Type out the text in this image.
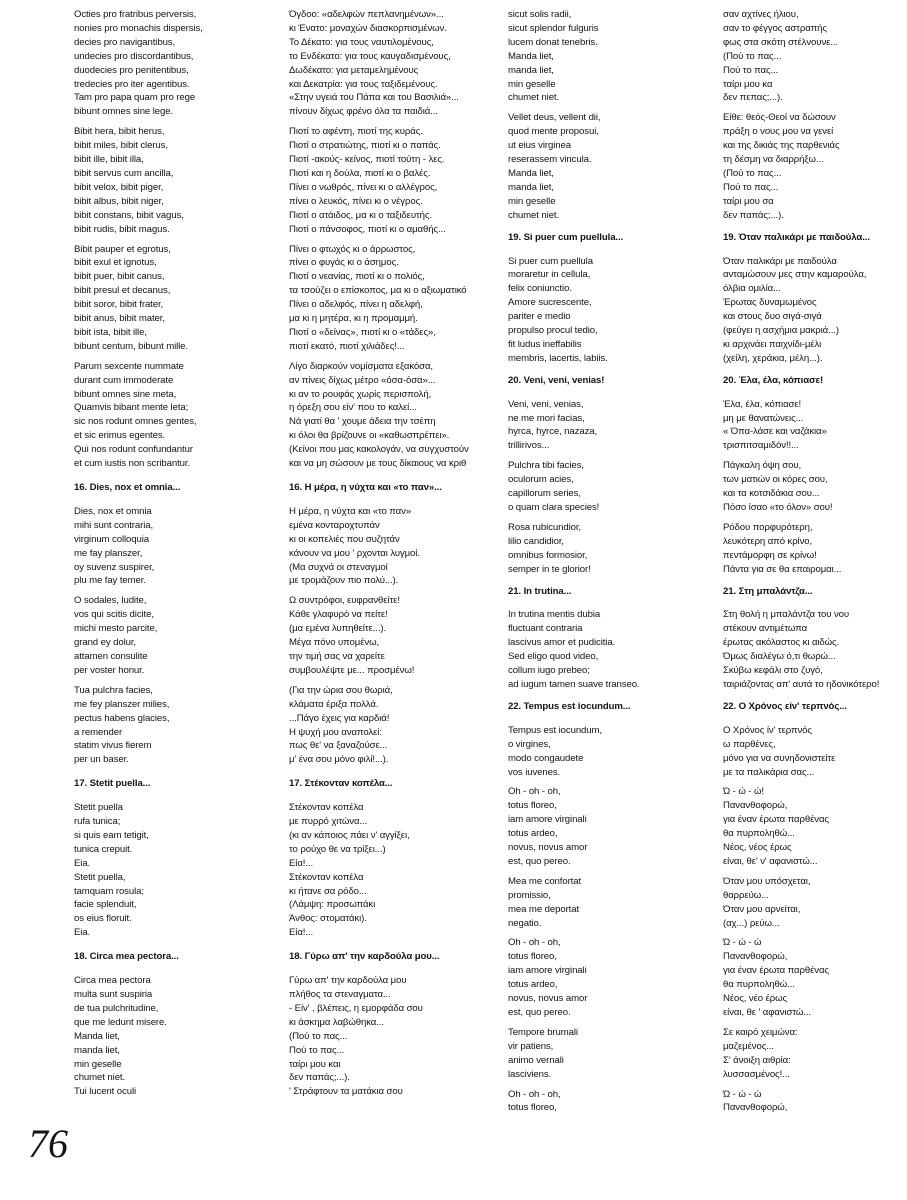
Octies pro fratribus perversis,
nonies pro monachis dispersis,
decies pro navigantibus,
undecies pro discordantibus,
duodecies pro penitentibus,
tredecies pro iter agentibus.
Tam pro papa quam pro rege
bibunt omnes sine lege.
Bibit hera, bibit herus,
bibit miles, bibit clerus,
bibit ille, bibit illa,
bibit servus cum ancilla,
bibit velox, bibit piger,
bibit albus, bibit niger,
bibit constans, bibit vagus,
bibit rudis, bibit magus.
Bibit pauper et egrotus,
bibit exul et ignotus,
bibit puer, bibit canus,
bibit presul et decanus,
bibit soror, bibit frater,
bibit anus, bibit mater,
bibit ista, bibit ille,
bibunt centum, bibunt mille.
Parum sexcente nummate
durant cum immoderate
bibunt omnes sine meta,
Quamvis bibant mente leta;
sic nos rodunt omnes gentes,
et sic erimus egentes.
Qui nos rodunt confundantur
et cum iustis non scribantur.
16. Dies, nox et omnia...
Dies, nox et omnia
mihi sunt contraria,
virginum colloquia
me fay planszer,
oy suvenz suspirer,
plu me fay temer.
O sodales, ludite,
vos qui scitis dicite,
michi mesto parcite,
grand ey dolur,
attamen consulite
per voster honur.
Tua pulchra facies,
me fey planszer milies,
pectus habens glacies,
a remender
statim vivus fierem
per un baser.
17. Stetit puella...
Stetit puella
rufa tunica;
si quis eam tetigit,
tunica crepuit.
Eia.
Stetit puella,
tamquam rosula;
facie splenduit,
os eius floruit.
Eia.
18. Circa mea pectora...
Circa mea pectora
multa sunt suspiria
de tua pulchritudine,
que me ledunt misere.
Manda liet,
manda liet,
min geselle
chumet niet.
Tui lucent oculi
Όγδοο: «αδελφών πεπλανημένων»...
κι Ένατο: μοναχών διασκορπισμένων.
Το Δέκατο: για τους ναυτιλομένους,
το Ενδέκατο: για τους καυγαδισμένους,
Δωδέκατο: για μεταμελημένους
και Δεκατρία: για τους ταξιδεμένους.
«Στην υγειά του Πάπα και του Βασιλιά»...
πίνουν δίχως φρένο όλα τα παιδιά...
Πιοτί το αφέντη, πιοτί της κυράς.
Πιοτί ο στρατιώτης, πιοτί κι ο παπάς.
Πιοτί -ακούς- κείνος, πιοτί τούτη - λες.
Πιοτί και η δούλα, πιοτί κι ο βαλές.
Πίνει ο νωθρός, πίνει κι ο αλλέγρος,
πίνει ο λευκός, πίνει κι ο νέγρος.
Πιοτί ο ατάιδος, μα κι ο ταξιδευτής.
Πιοτί ο πάνσοφος, πιοτί κι ο αμαθής...
Πίνει ο φτωχός κι ο άρρωστος,
πίνει ο φυγάς κι ο άσημος.
Πιοτί ο νεανίας, πιοτί κι ο πολιός,
τα τσούζει ο επίσκοπος, μα κι ο αξιωματικό
Πίνει ο αδελφός, πίνει η αδελφή,
μα κι η μητέρα, κι η προμαμμή.
Πιοτί ο «δείνας», πιοτί κι ο «τάδες»,
πιοτί εκατό, πιοτί χιλιάδες!...
Λίγο διαρκούν νομίσματα εξακόσα,
αν πίνεις δίχως μέτρο «όσα-όσα»...
κι αν το ρουφάς χωρίς περισπολή,
η όρεξη σου είν' που το καλεί...
Νά γιατί θα ' χουμε άδεια την τσέπη
κι όλοι θα βρίζουνε οι «καθωσπρέπει».
(Κείνοι που μας κακολογάν, να συγχυστούν
και να μη σώσουν με τους δίκαιους να κριθ
16. Η μέρα, η νύχτα και «το παν»...
Η μέρα, η νύχτα και «το παν»
εμένα κονταροχτυπάν
κι οι κοπελιές που συζητάν
κάνουν να μου ' ρχονται λυγμοί.
(Μα συχνά οι στεναγμοί
με τρομάζουν πιο πολύ...).
Ω συντρόφοι, ευφρανθείτε!
Κάθε γλαφυρό να πείτε!
(μα εμένα λυπηθείτε...).
Μέγα πόνο υπομένω,
την τιμή σας να χαρείτε
συμβουλέψτε με... προσμένω!
(Για την ώρια σου θωριά,
κλάματα έριξα πολλά.
...Πάγο έχεις για καρδιά!
Η ψυχή μου αναπολεί:
πως θε' να ξαναζούσε...
μ' ένα σου μόνο φιλί!...).
17. Στέκονταν κοπέλα...
Στέκονταν κοπέλα
με πυρρό χιτώνα...
(κι αν κάποιος πάει ν' αγγίξει,
το ρούχο θε να τρίξει...)
Εία!...
Στέκονταν κοπέλα
κι ήτανε σα ρόδο...
(Λάμψη: προσωπάκι
Άνθος: στοματάκι).
Εία!...
18. Γύρω απ' την καρδούλα μου...
Γύρω απ' την καρδούλα μου
πλήθος τα στεναγματα...
- Είν' , βλέπεις, η εμορφάδα σου
κι άσκημα λαβώθηκα...
(Πού το πας...
Πού το πας...
ταίρι μου και
δεν παπάς;...).
' Στράφτουν τα ματάκια σου
sicut solis radii,
sicut splendor fulguris
lucem donat tenebris.
Manda liet,
manda liet,
min geselle
chumet niet.
Vellet deus, vellent dii,
quod mente proposui,
ut eius virginea
reserassem vincula.
Manda liet,
manda liet,
min geselle
chumet niet.
19. Si puer cum puellula...
Si puer cum puellula
moraretur in cellula,
felix coniunctio.
Amore sucrescente,
pariter e medio
propulso procul tedio,
fit ludus ineffabilis
membris, lacertis, labiis.
20. Veni, veni, venias!
Veni, veni, venias,
ne me mori facias,
hyrca, hyrce, nazaza,
trillirivos...
Pulchra tibi facies,
oculorum acies,
capillorum series,
o quam clara species!
Rosa rubicundior,
lilio candidior,
omnibus formosior,
semper in te glorior!
21. In trutina...
In trutina mentis dubia
fluctuant contraria
lascivus amor et pudicitia.
Sed eligo quod video,
collum iugo prebeo;
ad iugum tamen suave transeo.
22. Tempus est iocundum...
Tempus est iocundum,
o virgines,
modo congaudete
vos iuvenes.
Oh - oh - oh,
totus floreo,
iam amore virginali
totus ardeo,
novus, novus amor
est, quo pereo.
Mea me confortat
promissio,
mea me deportat
negatio.
Oh - oh - oh,
totus floreo,
iam amore virginali
totus ardeo,
novus, novus amor
est, quo pereo.
Tempore brumali
vir patiens,
animo vernali
lasciviens.
Oh - oh - oh,
totus floreo,
σαν αχτίνες ήλιου,
σαν το φέγγος αστραπής
φως στα σκότη στέλνουνε...
(Πού το πας...
Πού το πας...
ταίρι μου κα
δεν πεπας;...).
Είθε: θεός-Θεοί να δώσουν
πράξη ο νους μου να γενεί
και της δικιάς της παρθενιάς
τη δέσμη να διαρρήξω...
(Πού το πας...
Πού το πας...
ταίρι μου σα
δεν παπάς;...).
19. Όταν παλικάρι με παιδούλα...
Όταν παλικάρι με παιδούλα
ανταμώσουν μες στην καμαρούλα,
όλβια ομιλία...
Έρωτας δυναμωμένος
και στους δυο σιγά-σιγά
(φεύγει η ασχήμια μακριά...)
κι αρχινάει παιχνίδι-μέλι
(χείλη, χεράκια, μέλη...).
20. Έλα, έλα, κόπιασε!
Έλα, έλα, κόπιασε!
μη με θανατώνεις...
« Όπα-λάσε και ναζάκια»
τρισπιτσαμιδόν!!...
Πάγκαλη όψη σου,
των ματιών οι κόρες σου,
και τα κοτσιδάκια σου...
Πόσο ίσαο «το όλον» σου!
Ρόδου πορφυρότερη,
λευκότερη από κρίνο,
πεντάμορφη σε κρίνω!
Πάντα για σε θα επαιρομαι...
21. Στη μπαλάντζα...
Στη θολή η μπαλάντζα του νου
στέκουν αντιμέτωπα
έρωτας ακόλαστος κι αιδώς.
Όμως διαλέγω ό,τι θωρώ...
Σκύβω κεφάλι στο ζυγό,
ταιριάζοντας απ' αυτά το ηδονικότερο!
22. Ο Χρόνος είν' τερπνός...
Ο Χρόνος ίν' τερπνός
ω παρθένες,
μόνο για να συνηδονιστείτε
με τα παλικάρια σας...
Ώ - ώ - ώ!
Πανανθοφορώ,
για έναν έρωτα παρθένας
θα πυρποληθώ...
Νέος, νέος έρως
είναι, θε' ν' αφανιστώ...
Όταν μου υπόσχεται,
θαρρεύω...
Όταν μου αρνείται,
(αχ...) ρεύω...
Ώ - ώ - ώ
Πανανθοφορώ,
για έναν έρωτα παρθένας
θα πυρποληθώ...
Νέος, νέο έρως
είναι, θε ' αφανιστώ...
Σε καιρό χειμώνα:
μαζεμένος...
Σ' άνοιξη αιθρία:
λυσσασμένος!...
Ώ - ώ - ώ
Πανανθοφορώ,
76
